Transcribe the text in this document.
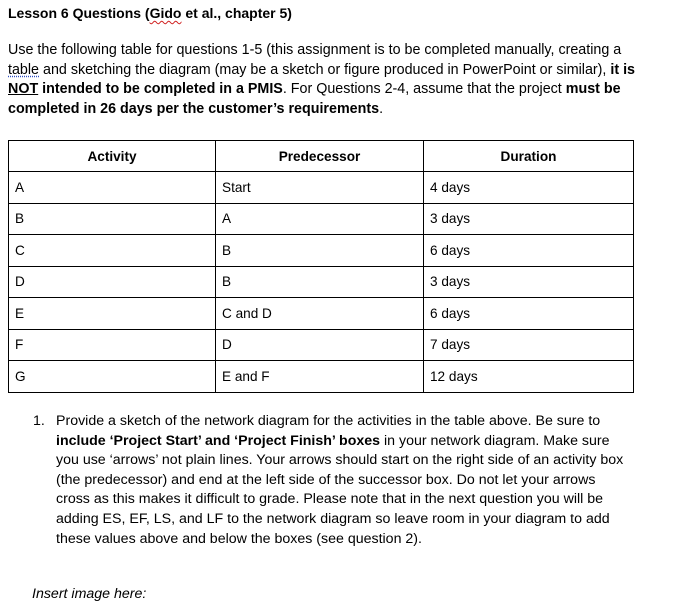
Lesson 6 Questions (Gido et al., chapter 5)
Use the following table for questions 1-5 (this assignment is to be completed manually, creating a table and sketching the diagram (may be a sketch or figure produced in PowerPoint or similar), it is NOT intended to be completed in a PMIS. For Questions 2-4, assume that the project must be completed in 26 days per the customer’s requirements.
Activity	Predecessor	Duration
A	Start	4 days
B	A	3 days
C	B	6 days
D	B	3 days
E	C and D	6 days
F	D	7 days
G	E and F	12 days
1. Provide a sketch of the network diagram for the activities in the table above. Be sure to include ‘Project Start’ and ‘Project Finish’ boxes in your network diagram. Make sure you use ‘arrows’ not plain lines. Your arrows should start on the right side of an activity box (the predecessor) and end at the left side of the successor box. Do not let your arrows cross as this makes it difficult to grade. Please note that in the next question you will be adding ES, EF, LS, and LF to the network diagram so leave room in your diagram to add these values above and below the boxes (see question 2).
Insert image here:
